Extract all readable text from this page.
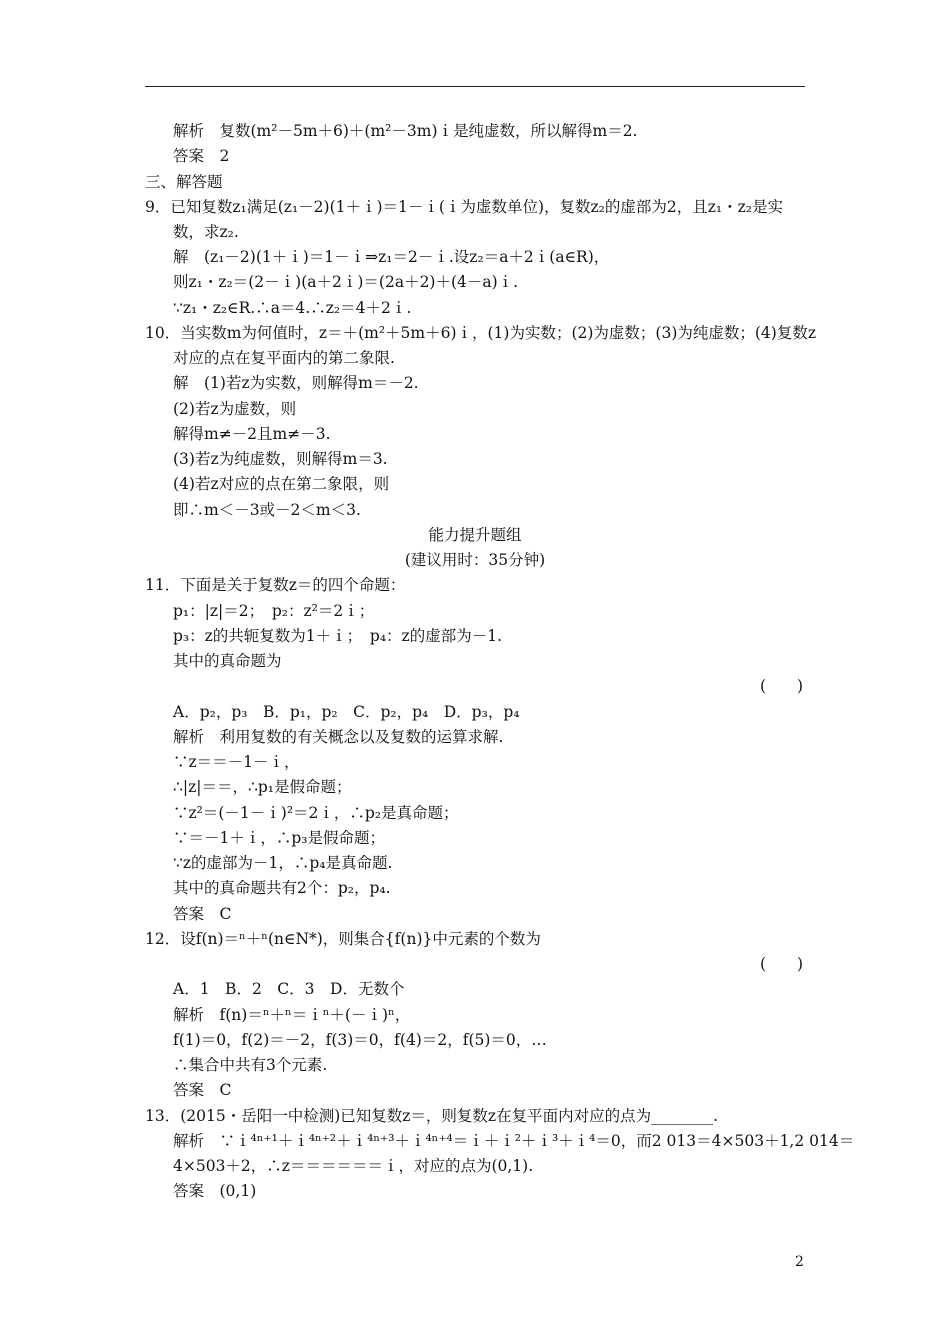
解析　复数(m²－5m＋6)＋(m²－3m)ｉ是纯虚数，所以解得m＝2.
答案　2
三、解答题
9．已知复数z₁满足(z₁－2)(1＋ｉ)＝1－ｉ(ｉ为虚数单位)，复数z₂的虚部为2，且z₁・z₂是实
数，求z₂.
解　(z₁－2)(1＋ｉ)＝1－ｉ⇒z₁＝2－ｉ.设z₂＝a＋2ｉ(a∈R)，
则z₁・z₂＝(2－ｉ)(a＋2ｉ)＝(2a＋2)＋(4－a)ｉ.
∵z₁・z₂∈R.∴a＝4.∴z₂＝4＋2ｉ.
10．当实数m为何值时，z＝＋(m²＋5m＋6)ｉ，(1)为实数；(2)为虚数；(3)为纯虚数；(4)复数z
对应的点在复平面内的第二象限.
解　(1)若z为实数，则解得m＝－2.
(2)若z为虚数，则
解得m≠－2且m≠－3.
(3)若z为纯虚数，则解得m＝3.
(4)若z对应的点在第二象限，则
即∴m＜－3或－2＜m＜3.
能力提升题组
(建议用时：35分钟)
11．下面是关于复数z＝的四个命题：
p₁：|z|＝2；　p₂：z²＝2ｉ；
p₃：z的共轭复数为1＋ｉ；　p₄：z的虚部为－1.
其中的真命题为
(　　)
A．p₂，p₃　B．p₁，p₂　C．p₂，p₄　D．p₃，p₄
解析　利用复数的有关概念以及复数的运算求解.
∵z＝＝－1－ｉ，
∴|z|＝＝，∴p₁是假命题；
∵z²＝(－1－ｉ)²＝2ｉ，∴p₂是真命题；
∵＝－1＋ｉ，∴p₃是假命题；
∵z的虚部为－1，∴p₄是真命题.
其中的真命题共有2个：p₂，p₄.
答案　C
12．设f(n)＝ⁿ＋ⁿ(n∈N*)，则集合{f(n)}中元素的个数为
(　　)
A．1　B．2　C．3　D．无数个
解析　f(n)＝ⁿ＋ⁿ＝ｉⁿ＋(－ｉ)ⁿ，
f(1)＝0，f(2)＝－2，f(3)＝0，f(4)＝2，f(5)＝0，…
∴集合中共有3个元素.
答案　C
13．(2015・岳阳一中检测)已知复数z＝，则复数z在复平面内对应的点为________.
解析　∵ｉ⁴ⁿ⁺¹＋ｉ⁴ⁿ⁺²＋ｉ⁴ⁿ⁺³＋ｉ⁴ⁿ⁺⁴＝ｉ＋ｉ²＋ｉ³＋ｉ⁴＝0，而2 013＝4×503＋1,2 014＝
4×503＋2，∴z＝＝＝＝＝＝ｉ，对应的点为(0,1).
答案　(0,1)
2
